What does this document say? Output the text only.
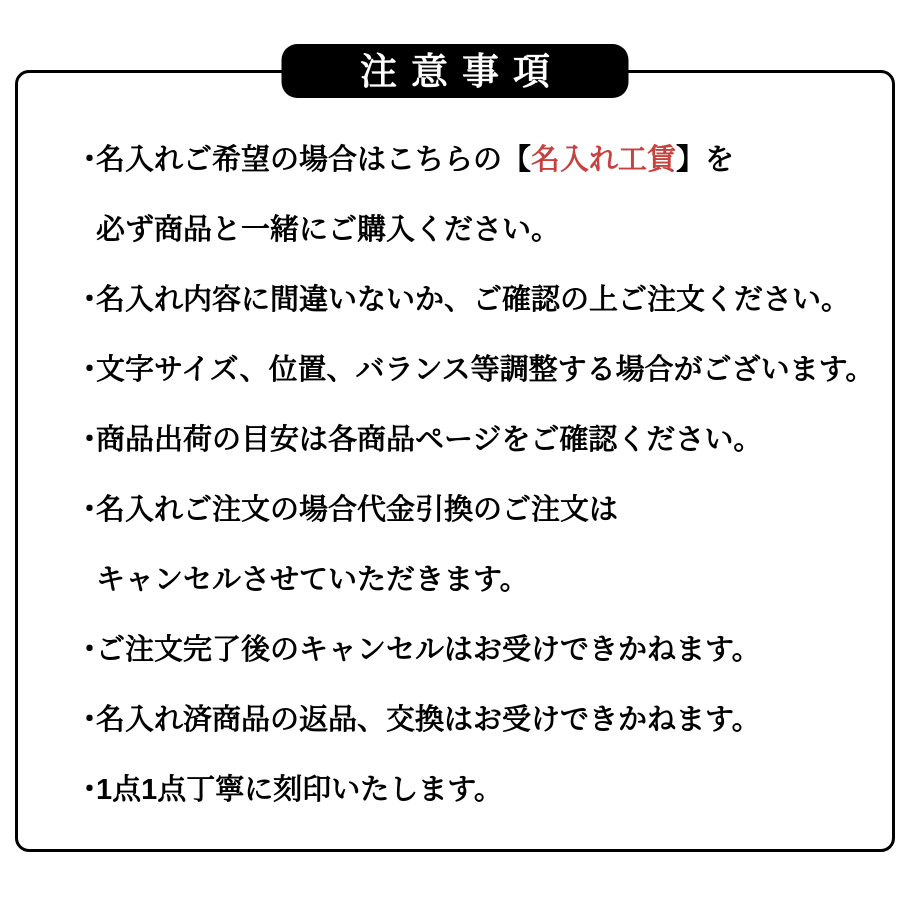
注意事項
・
名入れご希望の場合はこちらの【 名入れ工賃 】を
必ず商品と一緒にご購入ください。
・
名入れ内容に間違いないか、ご確認の上ご注文ください。
・
文字サイズ、位置、バランス等調整する場合がございます。
・
商品出荷の目安は各商品ページをご確認ください。
・
名入れご注文の場合代金引換のご注文は
キャンセルさせていただきます。
・
ご注文完了後のキャンセルはお受けできかねます。
・
名入れ済商品の返品、交換はお受けできかねます。
・
1点1点丁寧に刻印いたします。
